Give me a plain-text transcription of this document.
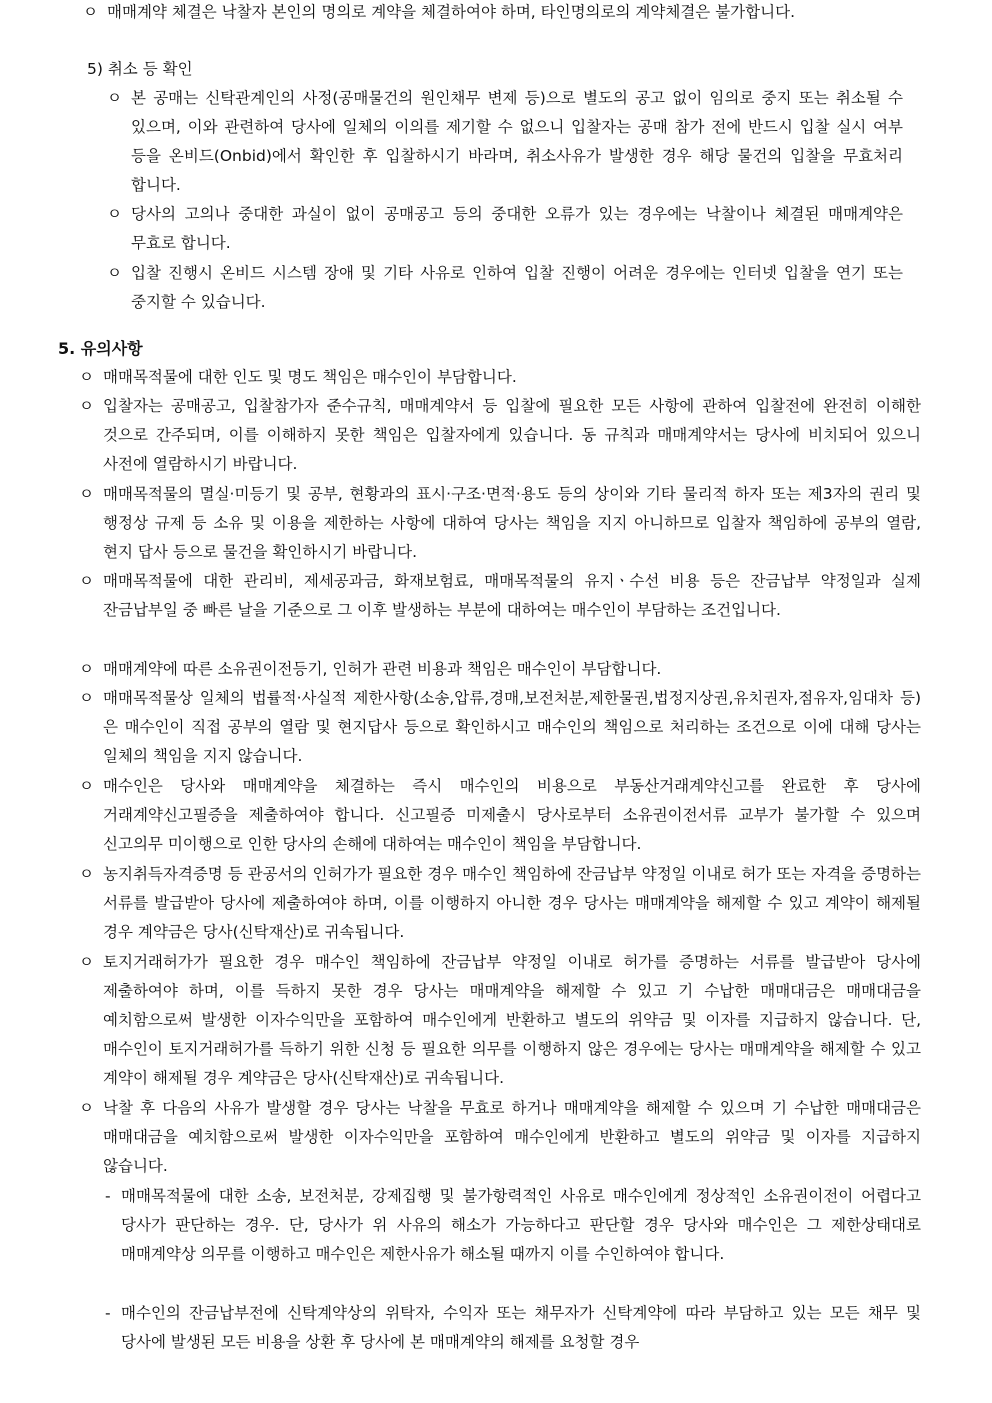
ㅇ 매매계약 체결은 낙찰자 본인의 명의로 계약을 체결하여야 하며, 타인명의로의 계약체결은 불가합니다.
5) 취소 등 확인
ㅇ 본 공매는 신탁관계인의 사정(공매물건의 원인채무 변제 등)으로 별도의 공고 없이 임의로 중지 또는 취소될 수 있으며, 이와 관련하여 당사에 일체의 이의를 제기할 수 없으니 입찰자는 공매 참가 전에 반드시 입찰 실시 여부 등을 온비드(Onbid)에서 확인한 후 입찰하시기 바라며, 취소사유가 발생한 경우 해당 물건의 입찰을 무효처리 합니다.
ㅇ 당사의 고의나 중대한 과실이 없이 공매공고 등의 중대한 오류가 있는 경우에는 낙찰이나 체결된 매매계약은 무효로 합니다.
ㅇ 입찰 진행시 온비드 시스템 장애 및 기타 사유로 인하여 입찰 진행이 어려운 경우에는 인터넷 입찰을 연기 또는 중지할 수 있습니다.
5. 유의사항
ㅇ 매매목적물에 대한 인도 및 명도 책임은 매수인이 부담합니다.
ㅇ 입찰자는 공매공고, 입찰참가자 준수규칙, 매매계약서 등 입찰에 필요한 모든 사항에 관하여 입찰전에 완전히 이해한 것으로 간주되며, 이를 이해하지 못한 책임은 입찰자에게 있습니다. 동 규칙과 매매계약서는 당사에 비치되어 있으니 사전에 열람하시기 바랍니다.
ㅇ 매매목적물의 멸실·미등기 및 공부, 현황과의 표시·구조·면적·용도 등의 상이와 기타 물리적 하자 또는 제3자의 권리 및 행정상 규제 등 소유 및 이용을 제한하는 사항에 대하여 당사는 책임을 지지 아니하므로 입찰자 책임하에 공부의 열람, 현지 답사 등으로 물건을 확인하시기 바랍니다.
ㅇ 매매목적물에 대한 관리비, 제세공과금, 화재보험료, 매매목적물의 유지ㆍ수선 비용 등은 잔금납부 약정일과 실제 잔금납부일 중 빠른 날을 기준으로 그 이후 발생하는 부분에 대하여는 매수인이 부담하는 조건입니다.
ㅇ 매매계약에 따른 소유권이전등기, 인허가 관련 비용과 책임은 매수인이 부담합니다.
ㅇ 매매목적물상 일체의 법률적·사실적 제한사항(소송,압류,경매,보전처분,제한물권,법정지상권,유치권자,점유자,임대차 등)은 매수인이 직접 공부의 열람 및 현지답사 등으로 확인하시고 매수인의 책임으로 처리하는 조건으로 이에 대해 당사는 일체의 책임을 지지 않습니다.
ㅇ 매수인은 당사와 매매계약을 체결하는 즉시 매수인의 비용으로 부동산거래계약신고를 완료한 후 당사에 거래계약신고필증을 제출하여야 합니다. 신고필증 미제출시 당사로부터 소유권이전서류 교부가 불가할 수 있으며 신고의무 미이행으로 인한 당사의 손해에 대하여는 매수인이 책임을 부담합니다.
ㅇ 농지취득자격증명 등 관공서의 인허가가 필요한 경우 매수인 책임하에 잔금납부 약정일 이내로 허가 또는 자격을 증명하는 서류를 발급받아 당사에 제출하여야 하며, 이를 이행하지 아니한 경우 당사는 매매계약을 해제할 수 있고 계약이 해제될 경우 계약금은 당사(신탁재산)로 귀속됩니다.
ㅇ 토지거래허가가 필요한 경우 매수인 책임하에 잔금납부 약정일 이내로 허가를 증명하는 서류를 발급받아 당사에 제출하여야 하며, 이를 득하지 못한 경우 당사는 매매계약을 해제할 수 있고 기 수납한 매매대금은 매매대금을 예치함으로써 발생한 이자수익만을 포함하여 매수인에게 반환하고 별도의 위약금 및 이자를 지급하지 않습니다. 단, 매수인이 토지거래허가를 득하기 위한 신청 등 필요한 의무를 이행하지 않은 경우에는 당사는 매매계약을 해제할 수 있고 계약이 해제될 경우 계약금은 당사(신탁재산)로 귀속됩니다.
ㅇ 낙찰 후 다음의 사유가 발생할 경우 당사는 낙찰을 무효로 하거나 매매계약을 해제할 수 있으며 기 수납한 매매대금은 매매대금을 예치함으로써 발생한 이자수익만을 포함하여 매수인에게 반환하고 별도의 위약금 및 이자를 지급하지 않습니다.
- 매매목적물에 대한 소송, 보전처분, 강제집행 및 불가항력적인 사유로 매수인에게 정상적인 소유권이전이 어렵다고 당사가 판단하는 경우. 단, 당사가 위 사유의 해소가 가능하다고 판단할 경우 당사와 매수인은 그 제한상태대로 매매계약상 의무를 이행하고 매수인은 제한사유가 해소될 때까지 이를 수인하여야 합니다.
- 매수인의 잔금납부전에 신탁계약상의 위탁자, 수익자 또는 채무자가 신탁계약에 따라 부담하고 있는 모든 채무 및 당사에 발생된 모든 비용을 상환 후 당사에 본 매매계약의 해제를 요청할 경우
